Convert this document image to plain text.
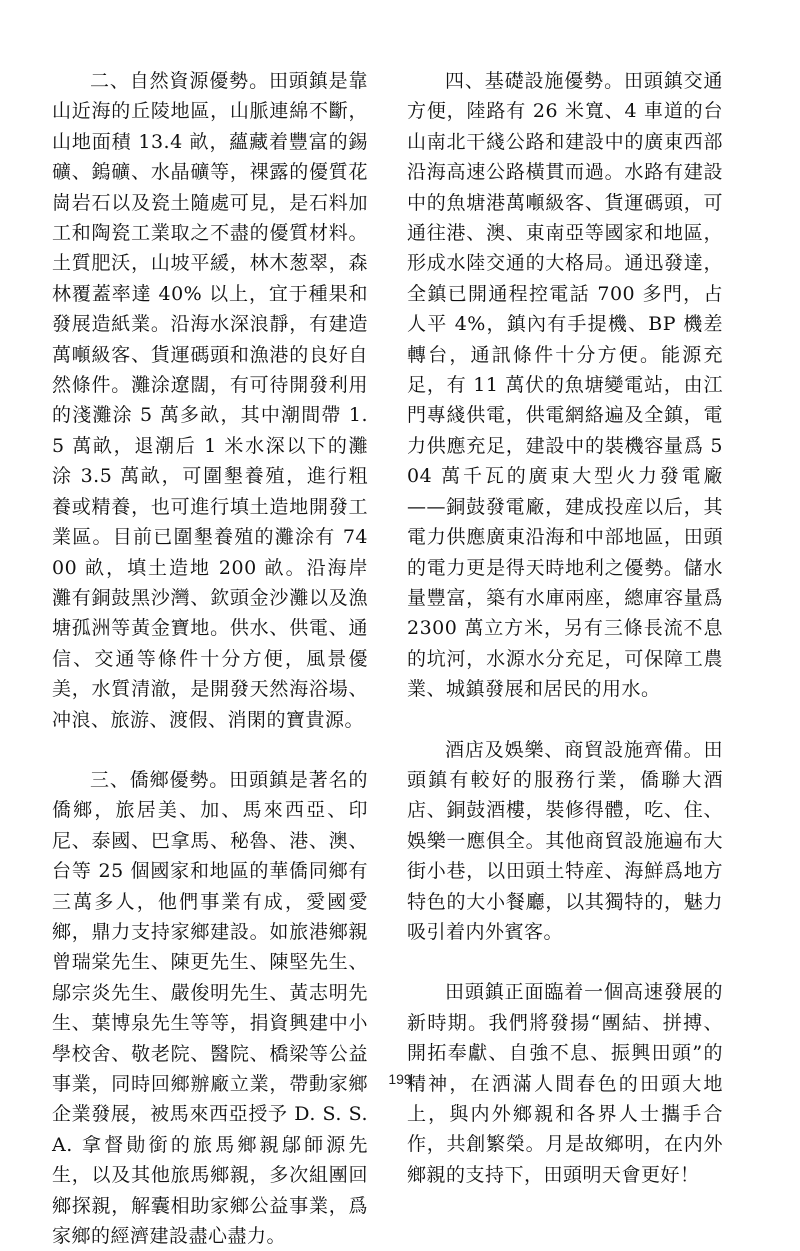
二、自然資源優勢。田頭鎮是靠山近海的丘陵地區，山脈連綿不斷，山地面積 13.4 畝，蘊藏着豐富的錫礦、鎢礦、水晶礦等，裸露的優質花崗岩石以及瓷土隨處可見，是石料加工和陶瓷工業取之不盡的優質材料。土質肥沃，山坡平緩，林木葱翠，森林覆蓋率達 40% 以上，宜于種果和發展造紙業。沿海水深浪靜，有建造萬噸級客、貨運碼頭和漁港的良好自然條件。灘涂遼闊，有可待開發利用的淺灘涂 5 萬多畝，其中潮間帶 1.5 萬畝，退潮后 1 米水深以下的灘涂 3.5 萬畝，可圍墾養殖，進行粗養或精養，也可進行填土造地開發工業區。目前已圍墾養殖的灘涂有 7400 畝，填土造地 200 畝。沿海岸灘有銅鼓黑沙灣、欽頭金沙灘以及漁塘孤洲等黃金寶地。供水、供電、通信、交通等條件十分方便，風景優美，水質清澈，是開發天然海浴場、冲浪、旅游、渡假、消閑的寶貴源。

三、僑鄉優勢。田頭鎮是著名的僑鄉，旅居美、加、馬來西亞、印尼、泰國、巴拿馬、秘魯、港、澳、台等 25 個國家和地區的華僑同鄉有三萬多人，他們事業有成，愛國愛鄉，鼎力支持家鄉建設。如旅港鄉親曾瑞棠先生、陳更先生、陳堅先生、鄔宗炎先生、嚴俊明先生、黃志明先生、葉博泉先生等等，捐資興建中小學校舍、敬老院、醫院、橋梁等公益事業，同時回鄉辦廠立業，帶動家鄉企業發展，被馬來西亞授予 D. S. S. A. 拿督勛銜的旅馬鄉親鄔師源先生，以及其他旅馬鄉親，多次組團回鄉探親，解囊相助家鄉公益事業，爲家鄉的經濟建設盡心盡力。

四、基礎設施優勢。田頭鎮交通方便，陸路有 26 米寬、4 車道的台山南北干綫公路和建設中的廣東西部沿海高速公路橫貫而過。水路有建設中的魚塘港萬噸級客、貨運碼頭，可通往港、澳、東南亞等國家和地區，形成水陸交通的大格局。通迅發達，全鎮已開通程控電話 700 多門，占人平 4%，鎮內有手提機、BP 機差轉台，通訊條件十分方便。能源充足，有 11 萬伏的魚塘變電站，由江門專綫供電，供電網絡遍及全鎮，電力供應充足，建設中的裝機容量爲 504 萬千瓦的廣東大型火力發電廠——銅鼓發電廠，建成投産以后，其電力供應廣東沿海和中部地區，田頭的電力更是得天時地利之優勢。儲水量豐富，築有水庫兩座，總庫容量爲 2300 萬立方米，另有三條長流不息的坑河，水源水分充足，可保障工農業、城鎮發展和居民的用水。

酒店及娛樂、商貿設施齊備。田頭鎮有較好的服務行業，僑聯大酒店、銅鼓酒樓，裝修得體，吃、住、娛樂一應俱全。其他商貿設施遍布大街小巷，以田頭土特産、海鮮爲地方特色的大小餐廳，以其獨特的，魅力吸引着内外賓客。

田頭鎮正面臨着一個高速發展的新時期。我們將發揚“團結、拼搏、開拓奉獻、自強不息、振興田頭”的精神，在洒滿人間春色的田頭大地上，與内外鄉親和各界人士攜手合作，共創繁榮。月是故鄉明，在内外鄉親的支持下，田頭明天會更好！

199
